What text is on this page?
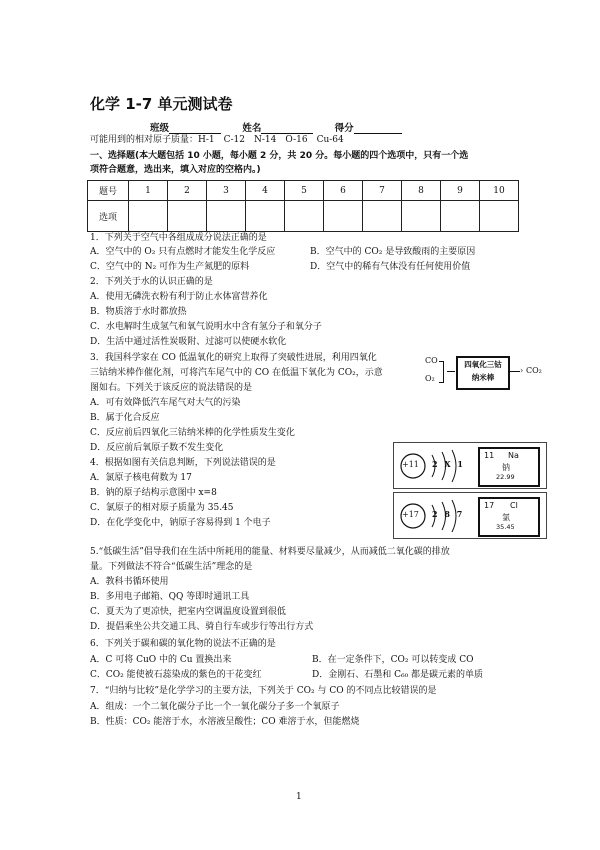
化学 1-7 单元测试卷
班级	姓名	得分
可能用到的相对原子质量：H-1　C-12　N-14　O-16　Cu-64
一、选择题(本大题包括 10 小题，每小题 2 分，共 20 分。每小题的四个选项中，只有一个选
项符合题意，选出来，填入对应的空格内。)
题号	1	2	3	4	5	6	7	8	9	10
选项										
1．下列关于空气中各组成成分说法正确的是
A．空气中的 O₂ 只有点燃时才能发生化学反应	B．空气中的 CO₂ 是导致酸雨的主要原因
C．空气中的 N₂ 可作为生产氮肥的原料	D．空气中的稀有气体没有任何使用价值
2．下列关于水的认识正确的是
A．使用无磷洗衣粉有利于防止水体富营养化
B．物质溶于水时都放热
C．水电解时生成氢气和氧气说明水中含有氢分子和氧分子
D．生活中通过活性炭吸附、过滤可以使硬水软化
3．我国科学家在 CO 低温氧化的研究上取得了突破性进展，利用四氧化
三钴纳米棒作催化剂，可将汽车尾气中的 CO 在低温下氧化为 CO₂，示意
图如右。下列关于该反应的说法错误的是
A．可有效降低汽车尾气对大气的污染
B．属于化合反应
C．反应前后四氧化三钴纳米棒的化学性质发生变化
D．反应前后氧原子数不发生变化
CO
O₂
四氧化三钴
纳米棒
› CO₂
4．根据如图有关信息判断，下列说法错误的是
A．氯原子核电荷数为 17
B．钠的原子结构示意图中 x=8
C．氯原子的相对原子质量为 35.45
D．在化学变化中，钠原子容易得到 1 个电子
+11 2 X 1
11 Na
钠
22.99
+17 2 8 7
17 Cl
氯
35.45
5.“低碳生活”倡导我们在生活中所耗用的能量、材料要尽量减少，从而减低二氧化碳的排放
量。下列做法不符合“低碳生活”理念的是
A．教科书循环使用
B．多用电子邮箱、QQ 等即时通讯工具
C．夏天为了更凉快，把室内空调温度设置到很低
D．提倡乘坐公共交通工具、骑自行车或步行等出行方式
6．下列关于碳和碳的氧化物的说法不正确的是
A．C 可将 CuO 中的 Cu 置换出来	B．在一定条件下，CO₂ 可以转变成 CO
C．CO₂ 能使被石蕊染成的紫色的干花变红	D．金刚石、石墨和 C₆₀ 都是碳元素的单质
7．“归纳与比较”是化学学习的主要方法，下列关于 CO₂ 与 CO 的不同点比较错误的是
A．组成：一个二氧化碳分子比一个一氧化碳分子多一个氧原子
B．性质：CO₂ 能溶于水，水溶液呈酸性；CO 难溶于水，但能燃烧
1
